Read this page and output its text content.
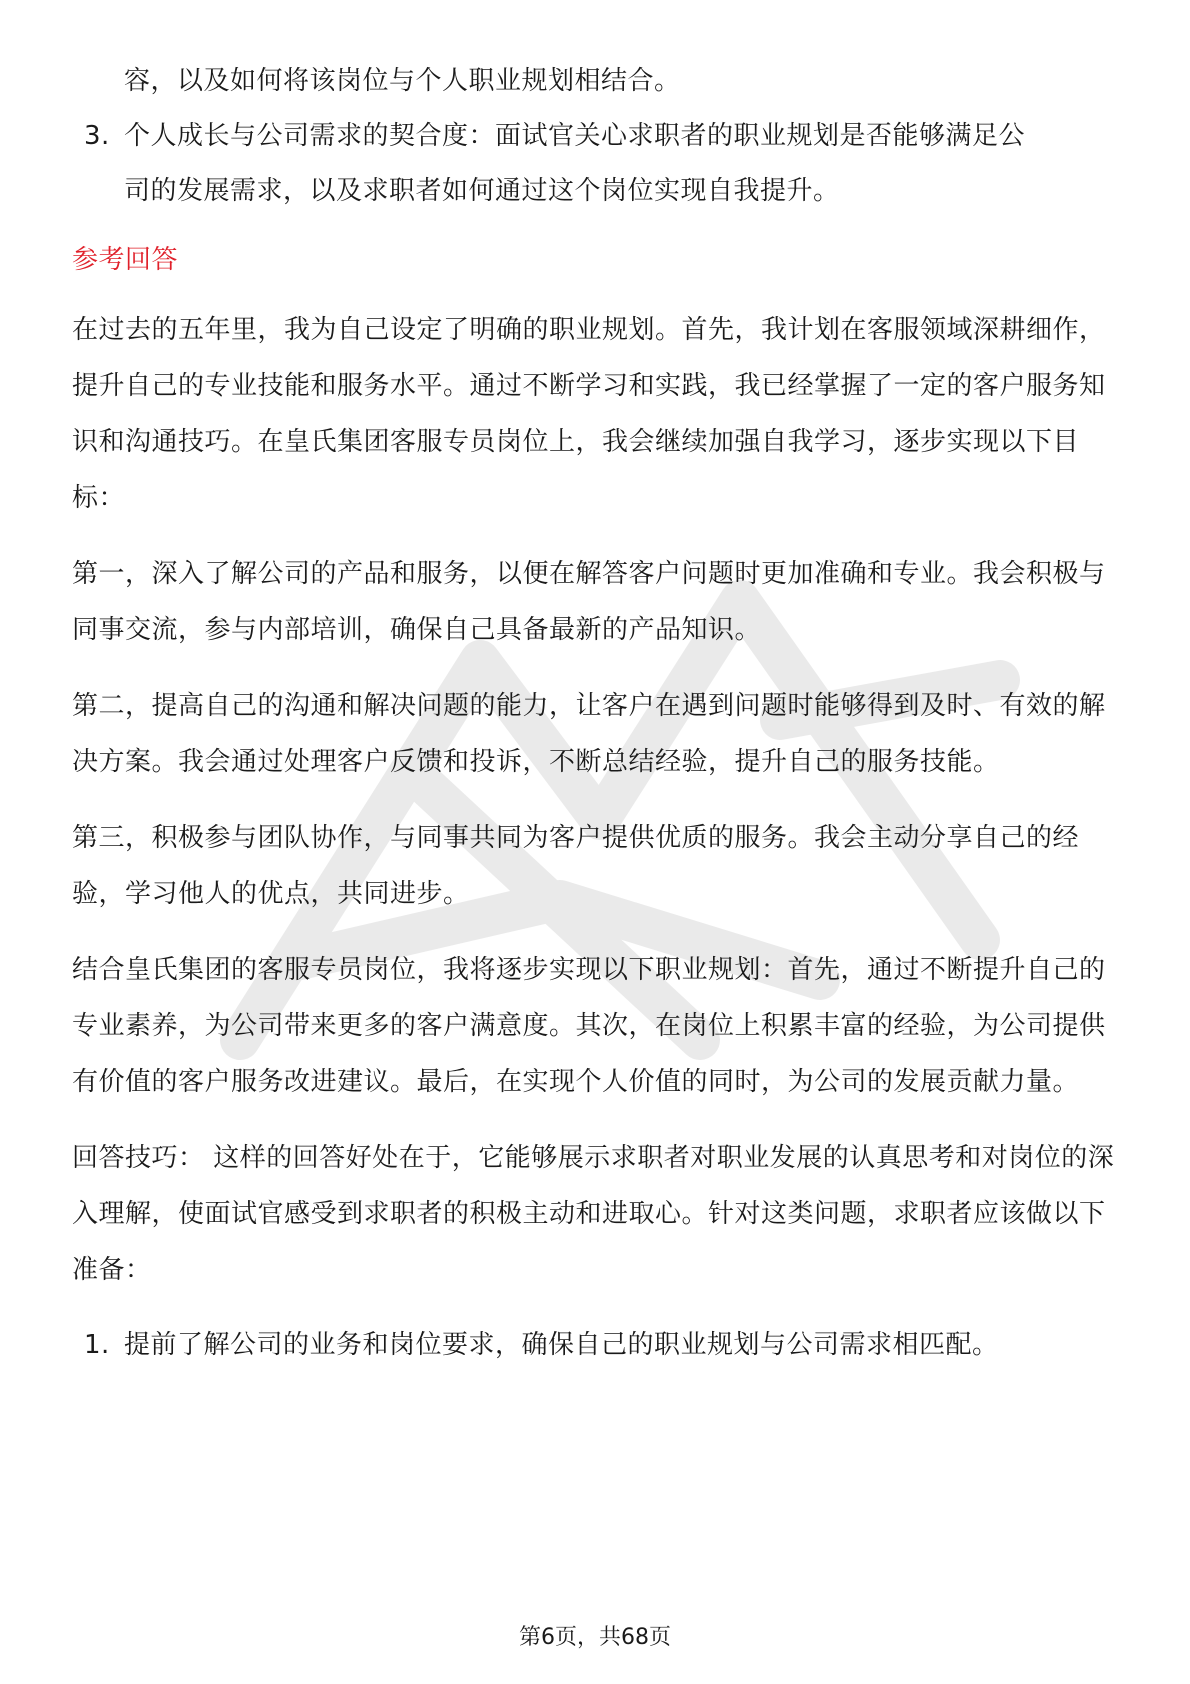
容，以及如何将该岗位与个人职业规划相结合。

3. 个人成长与公司需求的契合度：面试官关心求职者的职业规划是否能够满足公
司的发展需求，以及求职者如何通过这个岗位实现自我提升。
参考回答

在过去的五年里，我为自己设定了明确的职业规划。首先，我计划在客服领域深耕细作，提升自己的专业技能和服务水平。通过不断学习和实践，我已经掌握了一定的客户服务知识和沟通技巧。在皇氏集团客服专员岗位上，我会继续加强自我学习，逐步实现以下目标：

第一，深入了解公司的产品和服务，以便在解答客户问题时更加准确和专业。我会积极与同事交流，参与内部培训，确保自己具备最新的产品知识。

第二，提高自己的沟通和解决问题的能力，让客户在遇到问题时能够得到及时、有效的解决方案。我会通过处理客户反馈和投诉，不断总结经验，提升自己的服务技能。

第三，积极参与团队协作，与同事共同为客户提供优质的服务。我会主动分享自己的经验，学习他人的优点，共同进步。

结合皇氏集团的客服专员岗位，我将逐步实现以下职业规划：首先，通过不断提升自己的专业素养，为公司带来更多的客户满意度。其次，在岗位上积累丰富的经验，为公司提供有价值的客户服务改进建议。最后，在实现个人价值的同时，为公司的发展贡献力量。

回答技巧： 这样的回答好处在于，它能够展示求职者对职业发展的认真思考和对岗位的深入理解，使面试官感受到求职者的积极主动和进取心。针对这类问题，求职者应该做以下准备：

1. 提前了解公司的业务和岗位要求，确保自己的职业规划与公司需求相匹配。
第6页，共68页
